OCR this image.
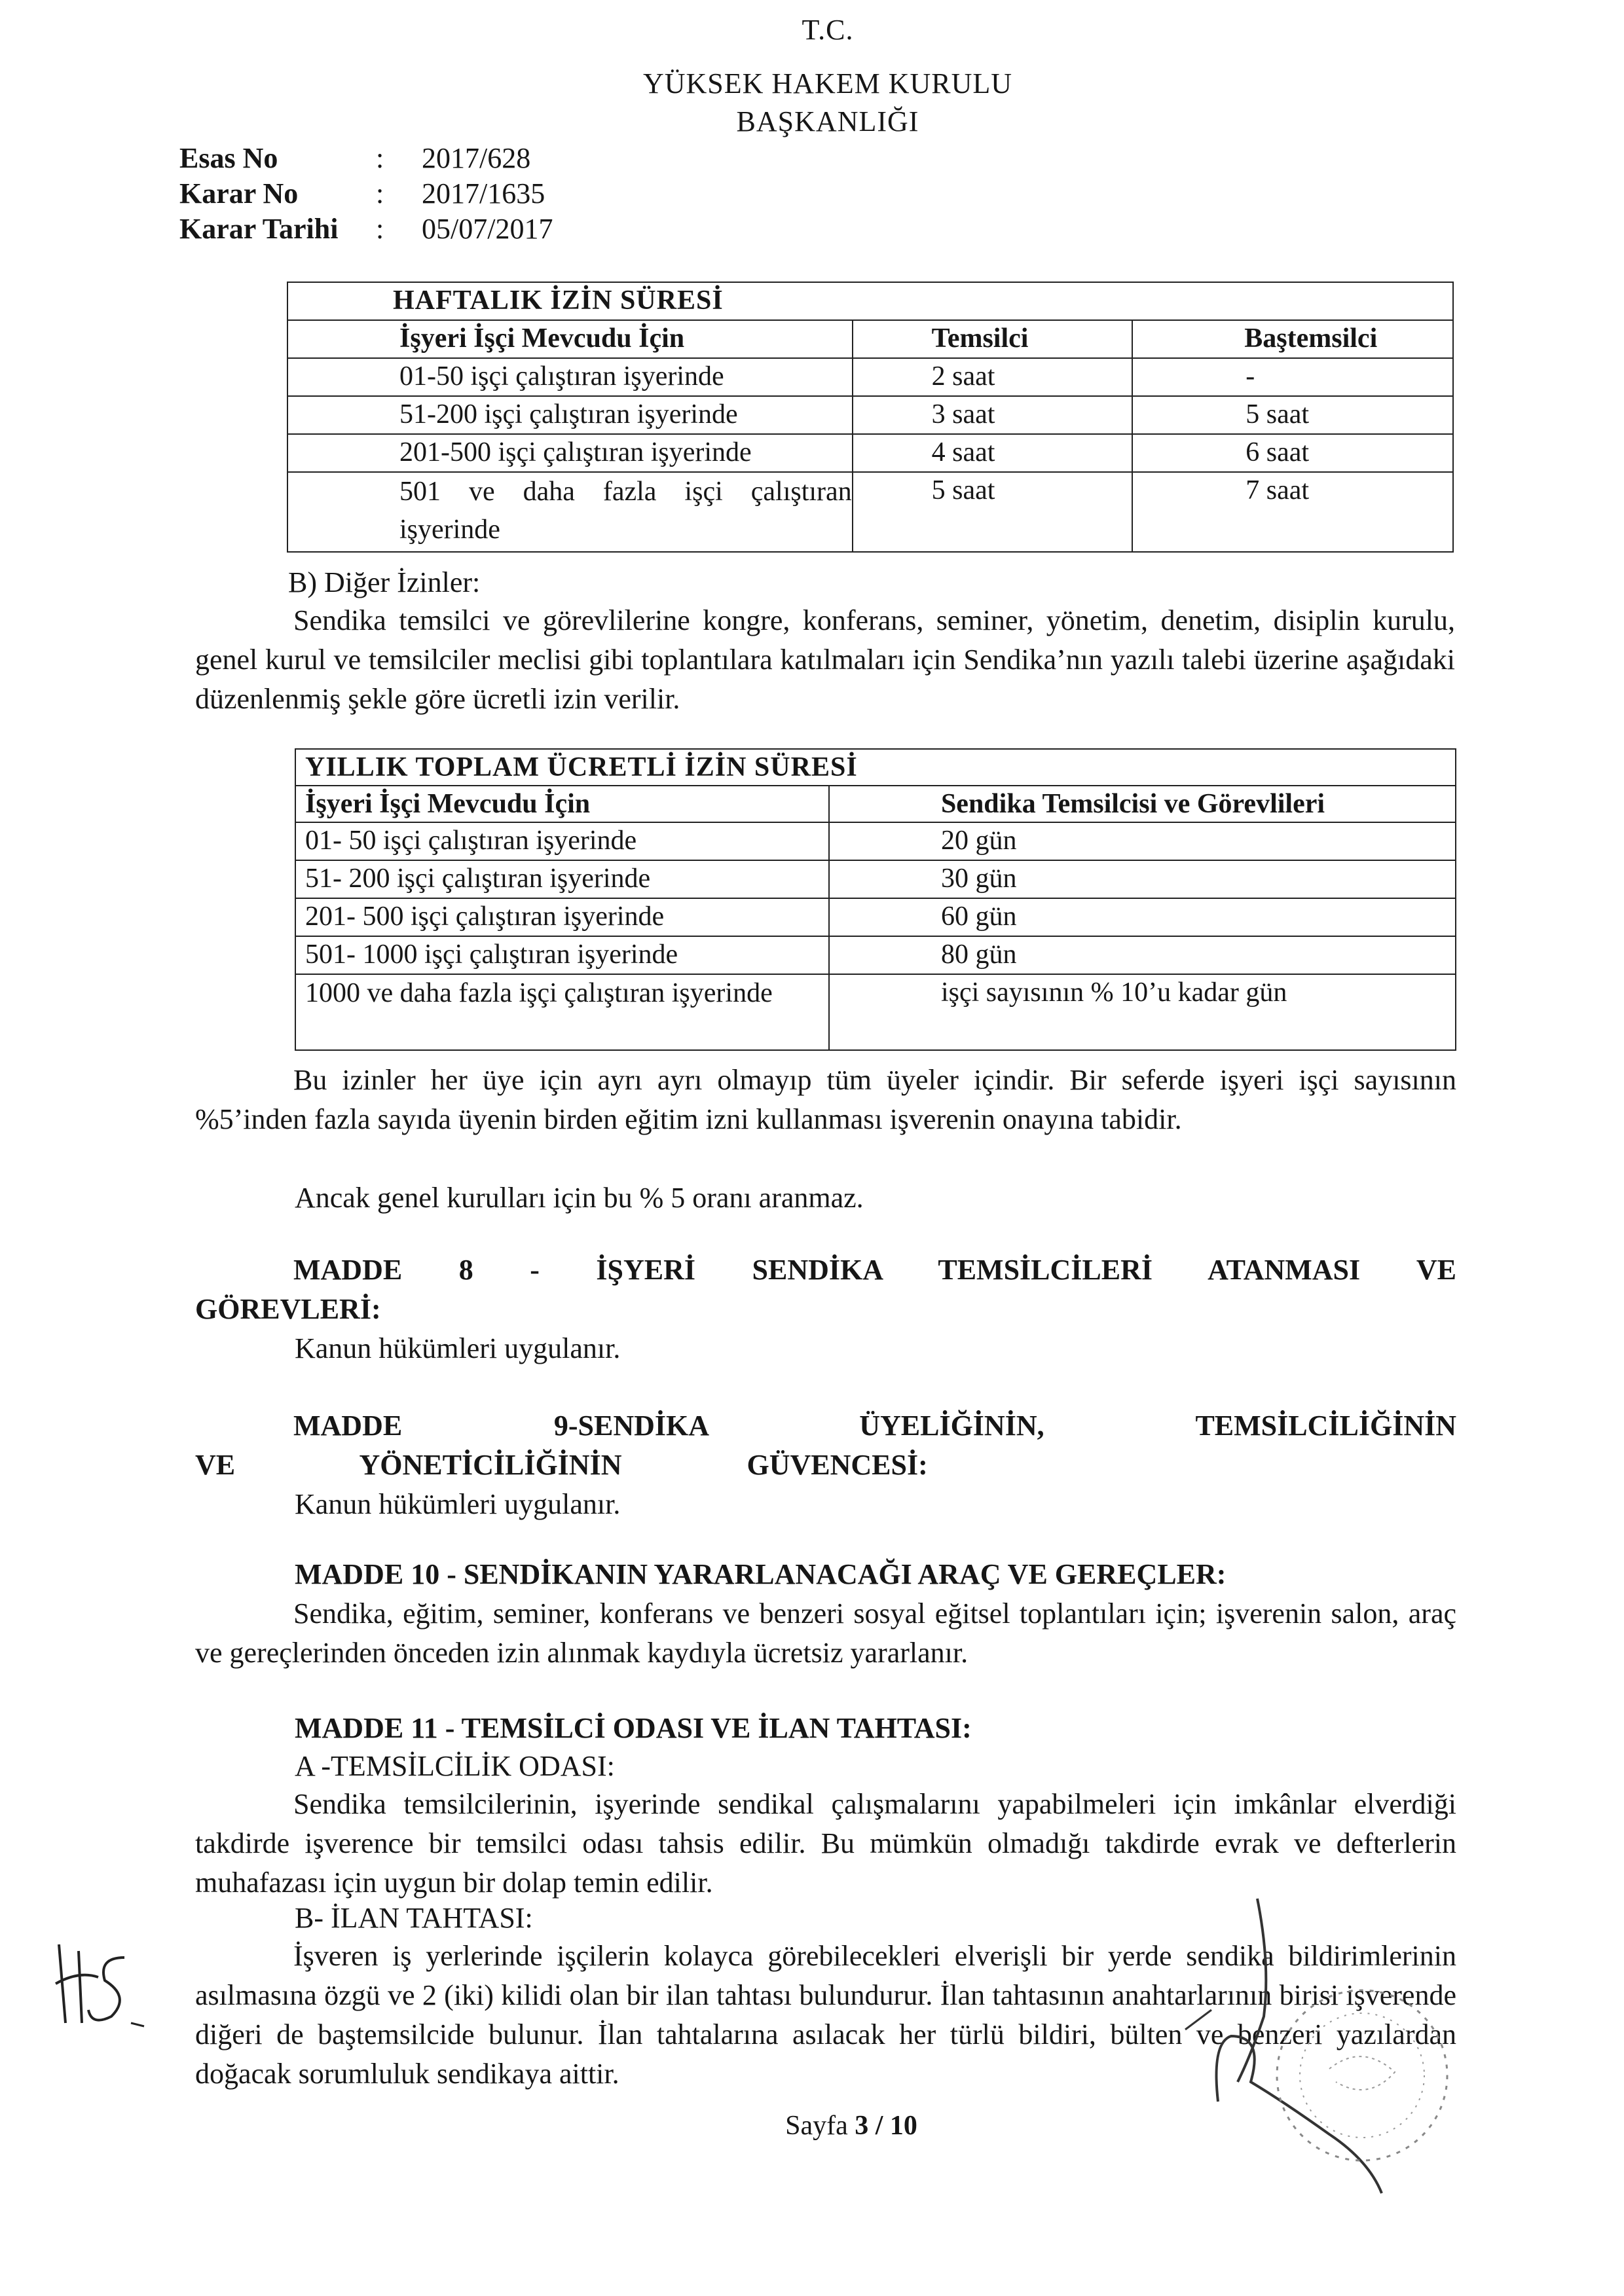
T.C.
YÜKSEK HAKEM KURULU
BAŞKANLIĞI
Esas No	: 2017/628
Karar No	: 2017/1635
Karar Tarihi : 05/07/2017
HAFTALIK İZİN SÜRESİ		
İşyeri İşçi Mevcudu İçin	Temsilci	Baştemsilci
01-50 işçi çalıştıran işyerinde	2 saat	-
51-200 işçi çalıştıran işyerinde	3 saat	5 saat
201-500 işçi çalıştıran işyerinde	4 saat	6 saat
501 ve daha fazla işçi çalıştıran işyerinde	5 saat	7 saat
B) Diğer İzinler:
Sendika temsilci ve görevlilerine kongre, konferans, seminer, yönetim, denetim, disiplin kurulu, genel kurul ve temsilciler meclisi gibi toplantılara katılmaları için Sendika’nın yazılı talebi üzerine aşağıdaki düzenlenmiş şekle göre ücretli izin verilir.
YILLIK TOPLAM ÜCRETLİ İZİN SÜRESİ	
İşyeri İşçi Mevcudu İçin	Sendika Temsilcisi ve Görevlileri
01- 50 işçi çalıştıran işyerinde	20 gün
51- 200 işçi çalıştıran işyerinde	30 gün
201- 500 işçi çalıştıran işyerinde	60 gün
501- 1000 işçi çalıştıran işyerinde	80 gün
1000 ve daha fazla işçi çalıştıran işyerinde	işçi sayısının % 10’u kadar gün
Bu izinler her üye için ayrı ayrı olmayıp tüm üyeler içindir. Bir seferde işyeri işçi sayısının %5’inden fazla sayıda üyenin birden eğitim izni kullanması işverenin onayına tabidir.
Ancak genel kurulları için bu % 5 oranı aranmaz.
MADDE 8 - İŞYERİ SENDİKA TEMSİLCİLERİ ATANMASI VE GÖREVLERİ:
Kanun hükümleri uygulanır.
MADDE 9-SENDİKA ÜYELİĞİNİN, TEMSİLCİLİĞİNİN VE YÖNETİCİLİĞİNİN GÜVENCESİ:
Kanun hükümleri uygulanır.
MADDE 10 - SENDİKANIN YARARLANACAĞI ARAÇ VE GEREÇLER:
Sendika, eğitim, seminer, konferans ve benzeri sosyal eğitsel toplantıları için; işverenin salon, araç ve gereçlerinden önceden izin alınmak kaydıyla ücretsiz yararlanır.
MADDE 11 - TEMSİLCİ ODASI VE İLAN TAHTASI:
A -TEMSİLCİLİK ODASI:
Sendika temsilcilerinin, işyerinde sendikal çalışmalarını yapabilmeleri için imkânlar elverdiği takdirde işverence bir temsilci odası tahsis edilir. Bu mümkün olmadığı takdirde evrak ve defterlerin muhafazası için uygun bir dolap temin edilir.
B- İLAN TAHTASI:
İşveren iş yerlerinde işçilerin kolayca görebilecekleri elverişli bir yerde sendika bildirimlerinin asılmasına özgü ve 2 (iki) kilidi olan bir ilan tahtası bulundurur. İlan tahtasının anahtarlarının birisi işverende diğeri de baştemsilcide bulunur. İlan tahtalarına asılacak her türlü bildiri, bülten ve benzeri yazılardan doğacak sorumluluk sendikaya aittir.
Sayfa 3 / 10
